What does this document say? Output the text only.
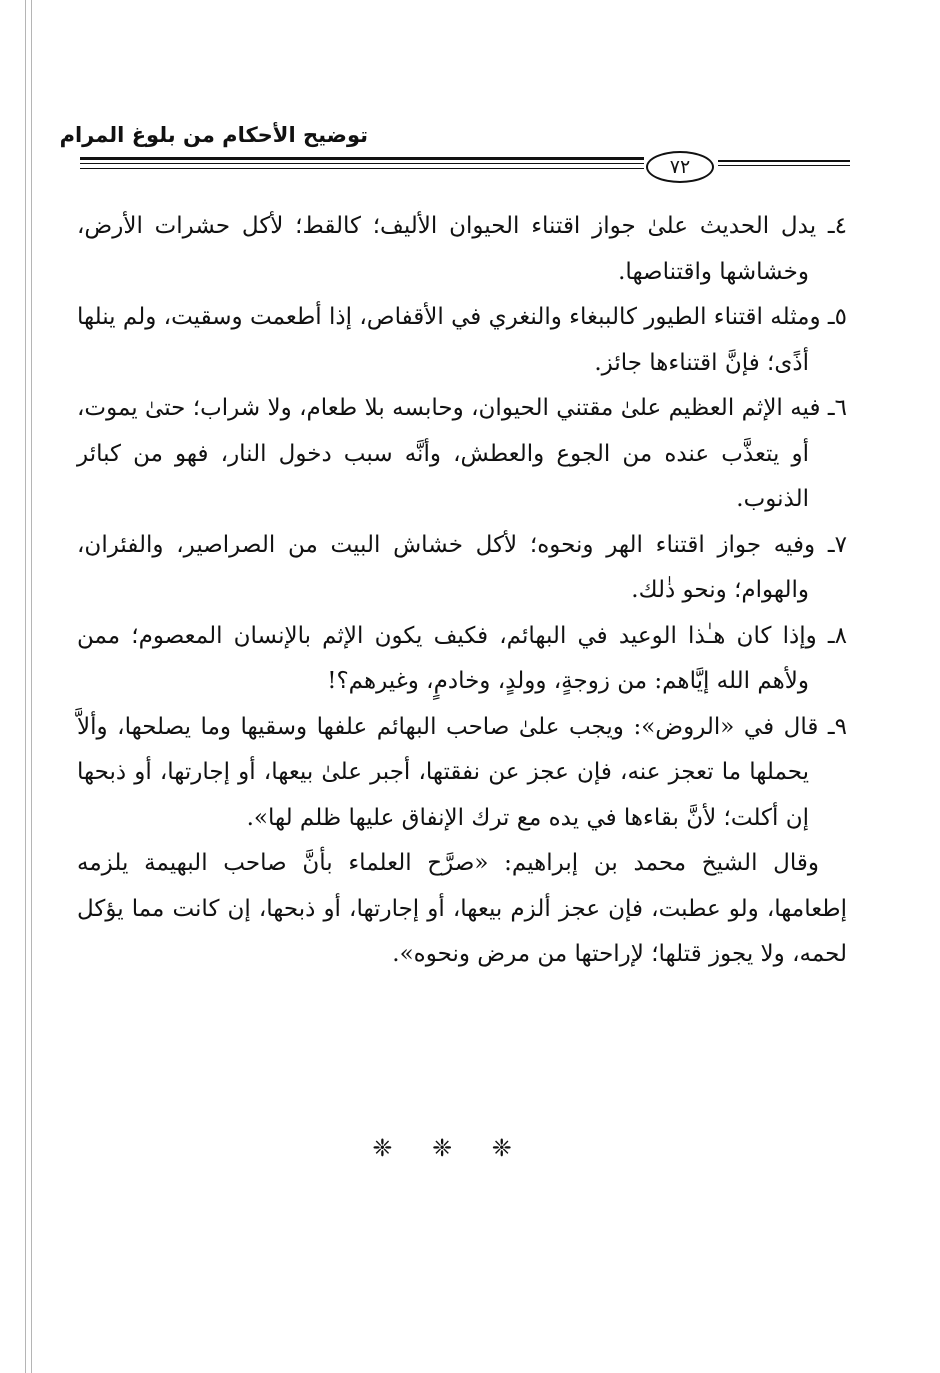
توضيح الأحكام من بلوغ المرام
٧٢

٤ـ يدل الحديث علىٰ جواز اقتناء الحيوان الأليف؛ كالقط؛ لأكل حشرات الأرض، وخشاشها واقتناصها.

٥ـ ومثله اقتناء الطيور كالببغاء والنغري في الأقفاص، إذا أطعمت وسقيت، ولم ينلها أذًى؛ فإنَّ اقتناءها جائز.

٦ـ فيه الإثم العظيم علىٰ مقتني الحيوان، وحابسه بلا طعام، ولا شراب؛ حتىٰ يموت، أو يتعذَّب عنده من الجوع والعطش، وأنَّه سبب دخول النار، فهو من كبائر الذنوب.

٧ـ وفيه جواز اقتناء الهر ونحوه؛ لأكل خشاش البيت من الصراصير، والفئران، والهوام؛ ونحو ذٰلك.

٨ـ وإذا كان هـٰذا الوعيد في البهائم، فكيف يكون الإثم بالإنسان المعصوم؛ ممن ولأهم الله إيَّاهم: من زوجةٍ، وولدٍ، وخادمٍ، وغيرهم؟!

٩ـ قال في «الروض»: ويجب علىٰ صاحب البهائم علفها وسقيها وما يصلحها، وألاَّ يحملها ما تعجز عنه، فإن عجز عن نفقتها، أجبر علىٰ بيعها، أو إجارتها، أو ذبحها إن أكلت؛ لأنَّ بقاءها في يده مع ترك الإنفاق عليها ظلم لها».

وقال الشيخ محمد بن إبراهيم: «صرَّح العلماء بأنَّ صاحب البهيمة يلزمه إطعامها، ولو عطبت، فإن عجز ألزم بيعها، أو إجارتها، أو ذبحها، إن كانت مما يؤكل لحمه، ولا يجوز قتلها؛ لإراحتها من مرض ونحوه».

❈ ❈ ❈
